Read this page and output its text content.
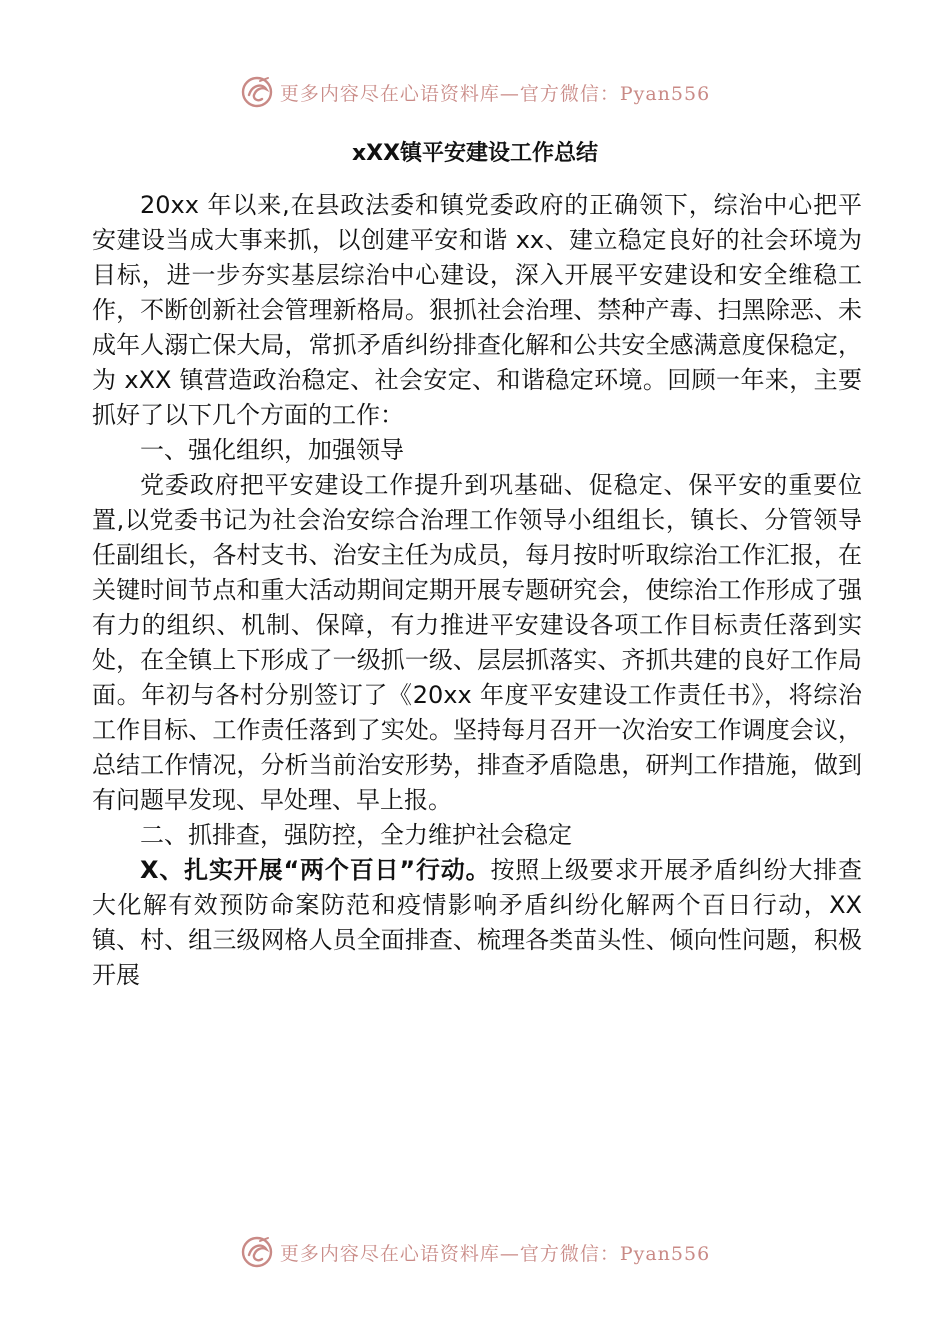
更多内容尽在心语资料库—官方微信：Pyan556
xXX镇平安建设工作总结

20xx 年以来,在县政法委和镇党委政府的正确领下，综治中心把平安建设当成大事来抓，以创建平安和谐 xx、建立稳定良好的社会环境为目标，进一步夯实基层综治中心建设，深入开展平安建设和安全维稳工作，不断创新社会管理新格局。狠抓社会治理、禁种产毒、扫黑除恶、未成年人溺亡保大局，常抓矛盾纠纷排查化解和公共安全感满意度保稳定，为 xXX 镇营造政治稳定、社会安定、和谐稳定环境。回顾一年来，主要抓好了以下几个方面的工作：

一、强化组织，加强领导

党委政府把平安建设工作提升到巩基础、促稳定、保平安的重要位置,以党委书记为社会治安综合治理工作领导小组组长，镇长、分管领导任副组长，各村支书、治安主任为成员，每月按时听取综治工作汇报，在关键时间节点和重大活动期间定期开展专题研究会，使综治工作形成了强有力的组织、机制、保障，有力推进平安建设各项工作目标责任落到实处，在全镇上下形成了一级抓一级、层层抓落实、齐抓共建的良好工作局面。年初与各村分别签订了《20xx 年度平安建设工作责任书》，将综治工作目标、工作责任落到了实处。坚持每月召开一次治安工作调度会议，总结工作情况，分析当前治安形势，排查矛盾隐患，研判工作措施，做到有问题早发现、早处理、早上报。

二、抓排查，强防控，全力维护社会稳定

X、扎实开展“两个百日”行动。按照上级要求开展矛盾纠纷大排查大化解有效预防命案防范和疫情影响矛盾纠纷化解两个百日行动，XX 镇、村、组三级网格人员全面排查、梳理各类苗头性、倾向性问题，积极开展

更多内容尽在心语资料库—官方微信：Pyan556
